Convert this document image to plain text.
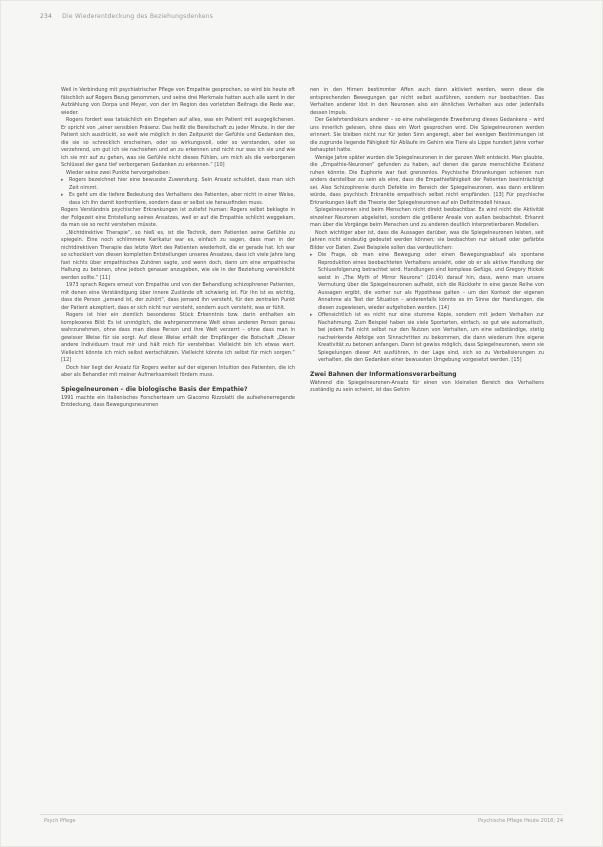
234 Die Wiederentdeckung des Beziehungsdenkens

Weil in Verbindung mit psychiatrischer Pflege von Empathie gesprochen, so wird bis heute oft fälschlich auf Rogers Bezug genommen, und seine drei Merkmale hatten auch alle samt in der Aufzählung von Dorpa und Meyer, von der im Region des vorletzten Beitrags die Rede war, wieder.

Rogers fordert was tatsächlich ein Eingehen auf alles, was ein Patient mit ausgeglichenen. Er spricht von „einer sensiblen Präsenz. Das heißt die Bereitschaft zu jeder Minute, in der der Patient sich ausdrückt, so weit wie möglich in den Zeitpunkt der Gefühle und Gedanken des, die sie so schrecklich erscheinen, oder so wirkungsvoll, oder so verstanden, oder so verzehrend, um gut ich sie nachsehen und an zu erkennen und nicht nur was ich sie und wie ich sie mir auf zu gehen, was sie Gefühle nicht dieses Fühlen, um mich als die verborgenen Schlüssel der ganz tief verborgenen Gedanken zu erkennen.“ [10]

Wieder seine zwei Punkte hervorgehoben:

▸ Rogers bezeichnet hier eine bewusste Zuwendung. Sein Ansatz schuldet, dass man sich Zeit nimmt.
▸ Es geht um die tiefere Bedeutung des Verhaltens des Patienten, aber nicht in einer Weise, dass ich ihn damit konfrontiere, sondern dass er selbst sie herausfinden muss.

Rogers Verständnis psychischer Erkrankungen ist zutiefst human: Rogers selbst beklagte in der Folgezeit eine Entstellung seines Ansatzes, weil er auf die Empathie schlicht weggekam, da man sie so recht verstehen müsste.

„Nichtdirektive Therapie“, so hieß es, ist die Technik, dem Patienten seine Gefühle zu spiegeln. Eine noch schlimmere Karikatur war es, einfach zu sagen, dass man in der nichtdirektiven Therapie das letzte Wort des Patienten wiederholt, die er gerade hat. Ich war so schockiert von diesen kompletten Entstellungen unseres Ansatzes, dass ich viele Jahre lang fast nichts über empathisches Zuhören sagte, und wenn doch, dann um eine empathische Haltung zu betonen, ohne jedoch genauer anzugeben, wie sie in der Beziehung verwirklicht werden sollte.“ [11]

1973 sprach Rogers erneut von Empathie und von der Behandlung schizophrener Patienten, mit denen eine Verständigung über innere Zustände oft schwierig ist. Für ihn ist es wichtig, dass die Person „jemand ist, der zuhört“, dass jemand ihn versteht, für den zentralen Punkt der Patient akzeptiert, dass er sich nicht nur versteht, sondern auch versteht, was er fühlt.

Rogers ist hier ein ziemlich besonderes Stück Erkenntnis bzw. darin enthalten ein komplexeres Bild: Es ist unmöglich, die wahrgenommene Welt eines anderen Person genau wahrzunehmen, ohne dass man diese Person und ihre Welt verzerrt – ohne dass man in gewisser Weise für sie sorgt. Auf diese Weise erhält der Empfänger die Botschaft „Dieser andere Individuum traut mir und hält mich für verstehbar. Vielleicht bin ich etwas wert. Vielleicht könnte ich mich selbst wertschätzen. Vielleicht könnte ich selbst für mich sorgen.“ [12]

Doch hier liegt der Ansatz für Rogers weiter auf der eigenen Intuition des Patienten, die ich aber als Behandler mit meiner Aufmerksamkeit fördern muss.

Spiegelneuronen – die biologische Basis der Empathie?

1991 machte ein italienisches Forscherteam um Giacomo Rizzolatti die aufsehenerregende Entdeckung, dass Bewegungsneuronen

nen in den Hirnen bestimmter Affen auch dann aktiviert werden, wenn diese die entsprechenden Bewegungen gar nicht selbst ausführen, sondern nur beobachten. Das Verhalten anderer löst in den Neuronen also ein ähnliches Verhalten aus oder jedenfalls dessen Impuls.

Der Gelehrtendiskurs anderer – so eine naheliegende Erweiterung dieses Gedankens – wird uns innerlich gelesen, ohne dass ein Wort gesprochen wird. Die Spiegelneuronen werden erinnert. Sie bleiben nicht nur für jeden Sinn angeregt, aber bei wenigen Bestimmungen ist die zugrunde liegende Fähigkeit für Abläufe im Gehirn wie Tiere als Lippe hundert Jahre vorher behauptet hatte.

Wenige Jahre später wurden die Spiegelneuronen in der ganzen Welt entdeckt. Man glaubte, die „Empathie-Neuronen“ gefunden zu haben, auf denen die ganze menschliche Existenz ruhen könnte. Die Euphorie war fast grenzenlos. Psychische Erkrankungen schienen nun anders darstellbar zu sein als eine, dass die Empathiefähigkeit der Patienten beeinträchtigt sei. Also Schizophrenie durch Defekte im Bereich der Spiegelneuronen, was dann erklären würde, dass psychisch Erkrankte empathisch selbst nicht empfänden. [13] Für psychische Erkrankungen läuft die Theorie der Spiegelneuronen auf ein Defizitmodell hinaus.

Spiegelneuronen sind beim Menschen nicht direkt beobachtbar. Es wird nicht die Aktivität einzelner Neuronen abgeleitet, sondern die größerer Areale von außen beobachtet. Erkannt man über die Vorgänge beim Menschen und zu anderen deutlich interpretierbaren Modellen.

Noch wichtiger aber ist, dass die Aussagen darüber, was die Spiegelneuronen leisten, seit Jahren nicht eindeutig gedeutet werden können; sie beobachten nur aktuell oder gefärbte Bilder vor Daten. Zwei Beispiele sollen das verdeutlichen:

▸ Die Frage, ob man eine Bewegung oder einen Bewegungsablauf als spontane Reproduktion eines beobachteten Verhaltens ansieht, oder ob er als aktive Handlung der Schlussfolgerung betrachtet wird. Handlungen sind komplexe Gefüge, und Gregory Hickok weist in „The Myth of Mirror Neurons“ (2014) darauf hin, dass, wenn man unsere Vermutung über die Spiegelneuronen aufhebt, sich die Rückkehr in eine ganze Reihe von Aussagen ergibt, die vorher nur als Hypothese galten – um den Kontext der eigenen Annahme als Test der Situation – anderenfalls könnte es im Sinne der Handlungen, die diesen zugewiesen, wieder aufgehoben werden. [14]
▸ Offensichtlich ist es nicht nur eine stumme Kopie, sondern mit jedem Verhalten zur Nachahmung. Zum Beispiel haben sie viele Sportarten, einfach, so gut wie automatisch, bei jedem Fall nicht selbst nur den Nutzen von Verhalten, um eine selbständige, stetig nachwirkende Abfolge von Sinnschritten zu bekommen, die dann wiederum ihre eigene Kreativität zu betonen anfangen. Dann ist gewiss möglich, dass Spiegelneuronen, wenn sie Spiegelungen dieser Art ausführen, in der Lage sind, sich so zu Verbalisierungen zu verhalten, die den Gedanken einer bewussten Umgebung vorgesetzt werden. [15]
Zwei Bahnen der Informationsverarbeitung

Während die Spiegelneuronen-Ansatz für einen von kleinsten Bereich des Verhaltens zuständig zu sein scheint, ist das Gehirn

Psych Pflege	Psychische Pflege Heute 2018; 24
